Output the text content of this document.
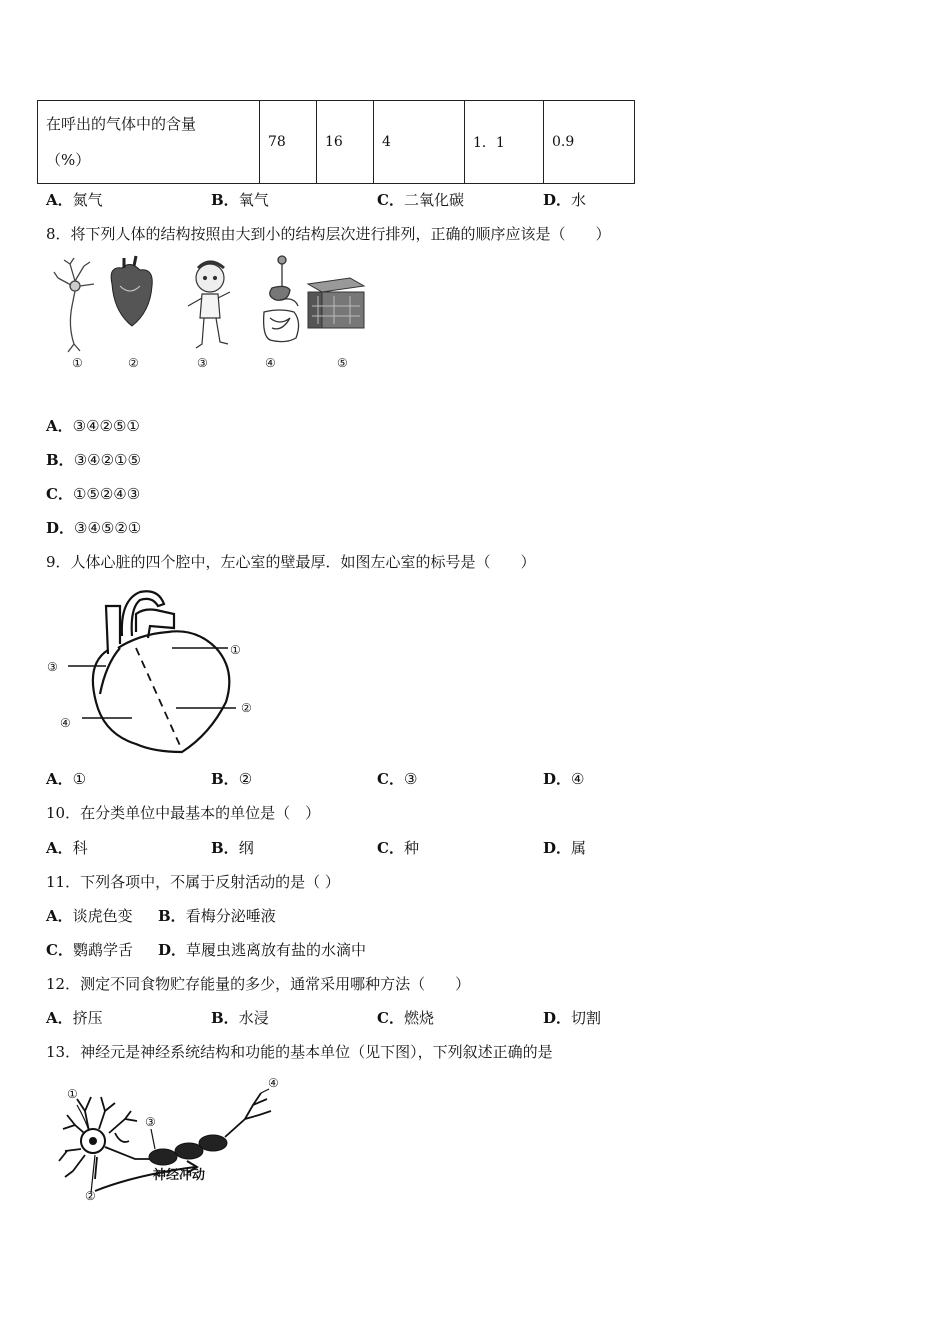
在呼出的气体中的含量
（%）
	78	16	4	1．1	0.9
A．氮气	B．氧气	C．二氧化碳	D．水
8．将下列人体的结构按照由大到小的结构层次进行排列，正确的顺序应该是（　　）
①	②	③	④	⑤
A．③④②⑤①
B．③④②①⑤
C．①⑤②④③
D．③④⑤②①
9．人体心脏的四个腔中，左心室的壁最厚．如图左心室的标号是（　　）
①
②
③
④
A．①	B．②	C．③	D．④
10．在分类单位中最基本的单位是（　）
A．科	B．纲	C．种	D．属
11．下列各项中，不属于反射活动的是（ ）
A．谈虎色变 B．看梅分泌唾液
C．鹦鹉学舌 D．草履虫逃离放有盐的水滴中
12．测定不同食物贮存能量的多少，通常采用哪种方法（　　）
A．挤压	B．水浸	C．燃烧	D．切割
13．神经元是神经系统结构和功能的基本单位（见下图），下列叙述正确的是
①
②
③
④
神经冲动
